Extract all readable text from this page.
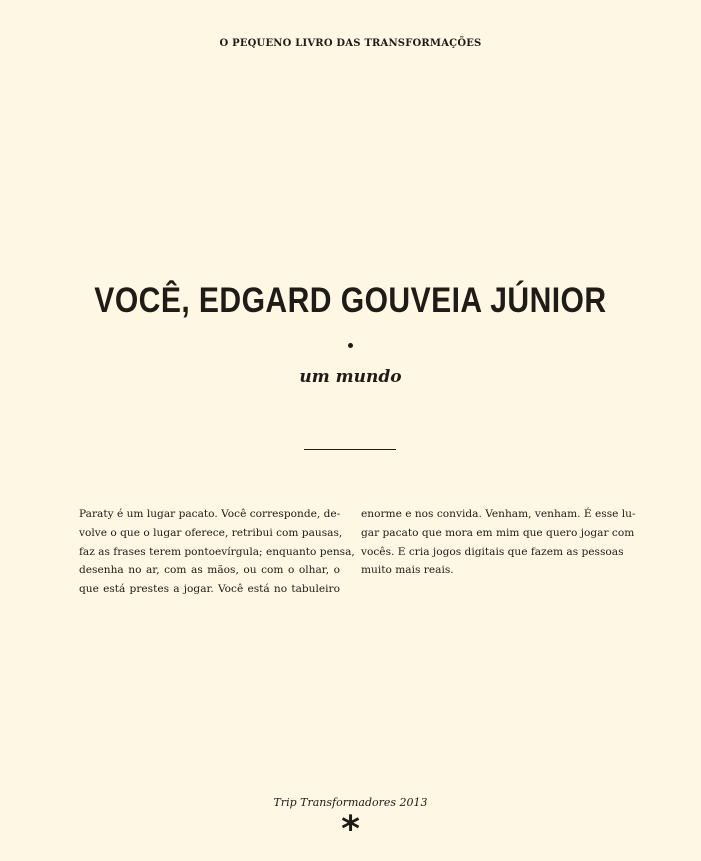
O PEQUENO LIVRO DAS TRANSFORMAÇÕES
VOCÊ, EDGARD GOUVEIA JÚNIOR
um mundo
Paraty é um lugar pacato. Você corresponde, de-
volve o que o lugar oferece, retribui com pausas,
faz as frases terem pontoevírgula; enquanto pensa,
desenha no ar, com as mãos, ou com o olhar, o
que está prestes a jogar. Você está no tabuleiro
enorme e nos convida. Venham, venham. É esse lu-
gar pacato que mora em mim que quero jogar com
vocês. E cria jogos digitais que fazem as pessoas
muito mais reais.
Trip Transformadores 2013
*
